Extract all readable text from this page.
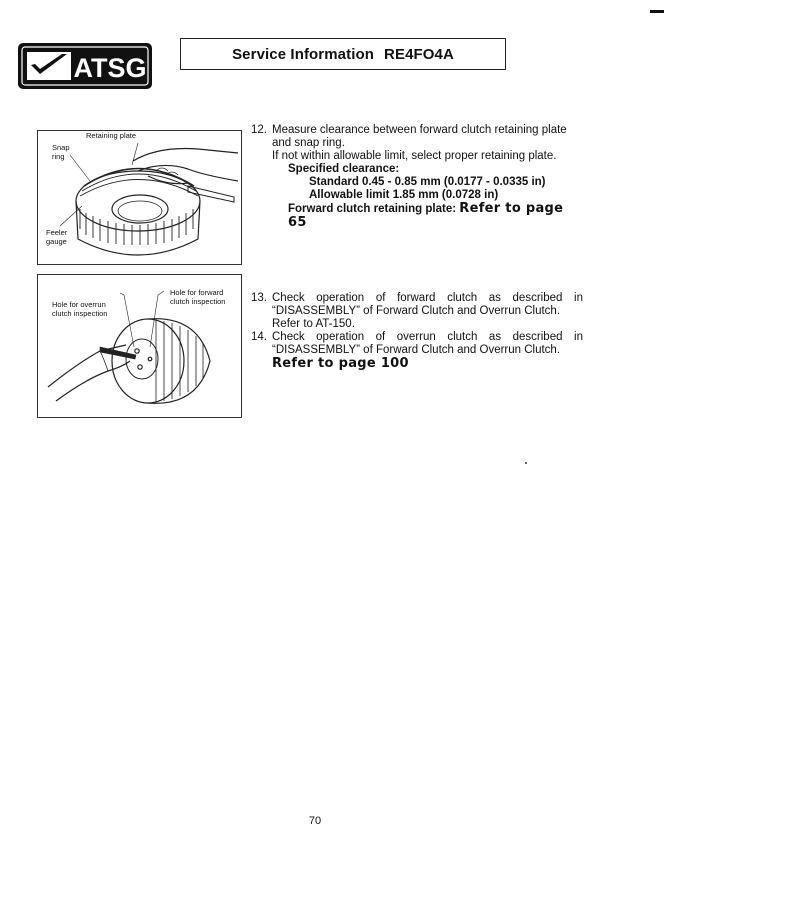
ATSG	Service Information RE4FO4A
Retaining plate
Snap
ring
Feeler
gauge
Hole for forward
clutch inspection
Hole for overrun
clutch inspection
12. Measure clearance between forward clutch retaining plate
and snap ring.
If not within allowable limit, select proper retaining plate.
Specified clearance:
Standard 0.45 - 0.85 mm (0.0177 - 0.0335 in)
Allowable limit 1.85 mm (0.0728 in)
Forward clutch retaining plate: Refer to page 65
13. Check operation of forward clutch as described in
“DISASSEMBLY” of Forward Clutch and Overrun Clutch.
Refer to AT-150.
14. Check operation of overrun clutch as described in
“DISASSEMBLY” of Forward Clutch and Overrun Clutch.
Refer to page 100
70
